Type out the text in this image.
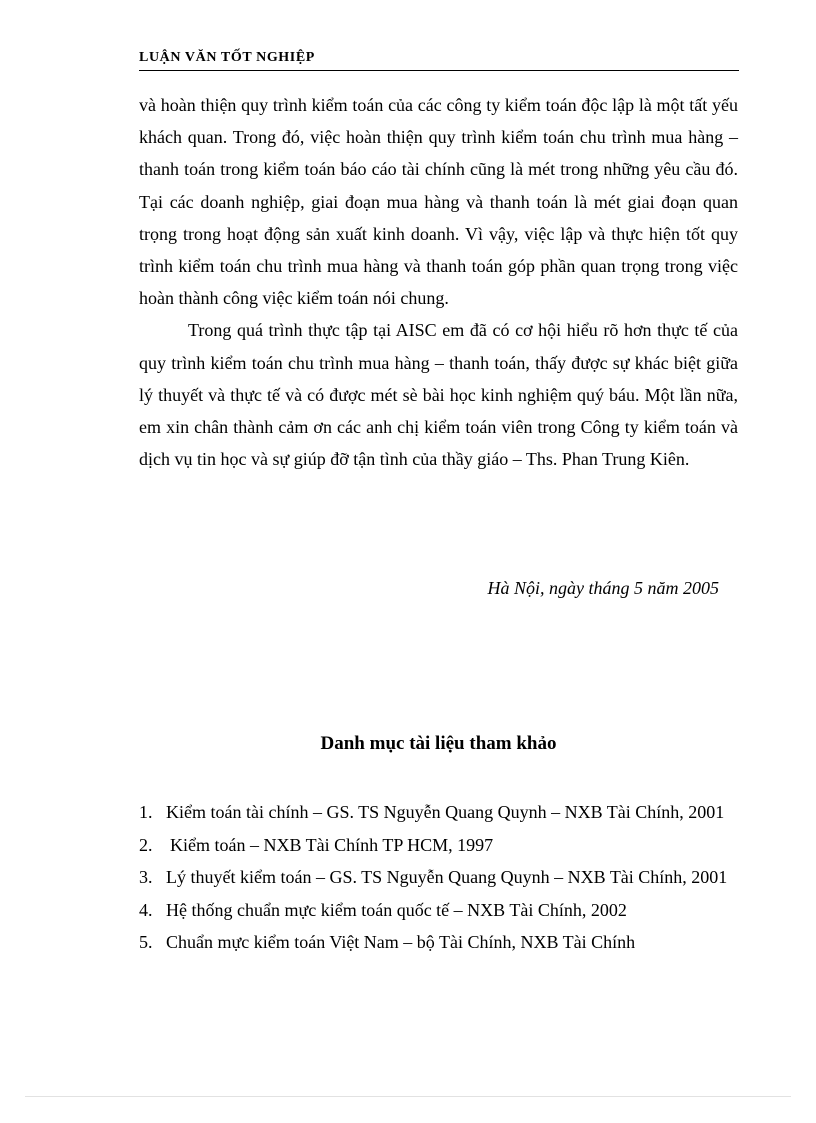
LUẬN VĂN TỐT NGHIỆP

và hoàn thiện quy trình kiểm toán của các công ty kiểm toán độc lập là một tất yếu khách quan. Trong đó, việc hoàn thiện quy trình kiểm toán chu trình mua hàng – thanh toán trong kiểm toán báo cáo tài chính cũng là mét trong những yêu cầu đó. Tại các doanh nghiệp, giai đoạn mua hàng và thanh toán là mét giai đoạn quan trọng trong hoạt động sản xuất kinh doanh. Vì vậy, việc lập và thực hiện tốt quy trình kiểm toán chu trình mua hàng và thanh toán góp phần quan trọng trong việc hoàn thành công việc kiểm toán nói chung.

Trong quá trình thực tập tại AISC em đã có cơ hội hiểu rõ hơn thực tế của quy trình kiểm toán chu trình mua hàng – thanh toán, thấy được sự khác biệt giữa lý thuyết và thực tế và có được mét sè bài học kinh nghiệm quý báu. Một lần nữa, em xin chân thành cảm ơn các anh chị kiểm toán viên trong Công ty kiểm toán và dịch vụ tin học và sự giúp đỡ tận tình của thầy giáo – Ths. Phan Trung Kiên.

Hà Nội, ngày tháng 5 năm 2005
Danh mục tài liệu tham khảo
1. Kiểm toán tài chính – GS. TS Nguyễn Quang Quynh – NXB Tài Chính, 2001
2. Kiểm toán – NXB Tài Chính TP HCM, 1997
3. Lý thuyết kiểm toán – GS. TS Nguyễn Quang Quynh – NXB Tài Chính, 2001
4. Hệ thống chuẩn mực kiểm toán quốc tế – NXB Tài Chính, 2002
5. Chuẩn mực kiểm toán Việt Nam – bộ Tài Chính, NXB Tài Chính
